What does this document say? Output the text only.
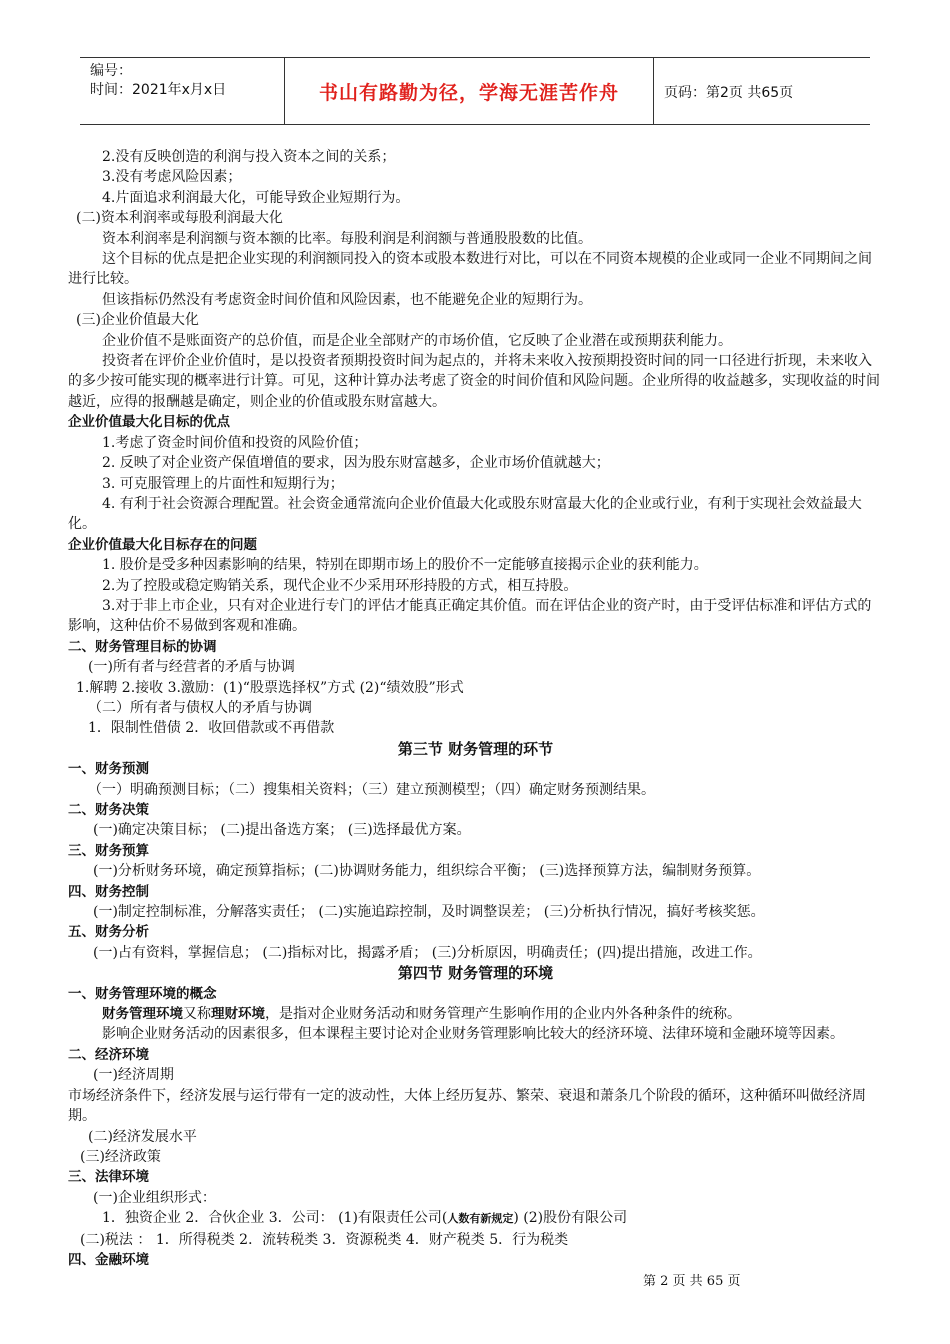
编号：
时间：2021年x月x日	书山有路勤为径，学海无涯苦作舟	页码：第2页 共65页
2.没有反映创造的利润与投入资本之间的关系；
3.没有考虑风险因素；
4.片面追求利润最大化，可能导致企业短期行为。
(二)资本利润率或每股利润最大化
资本利润率是利润额与资本额的比率。每股利润是利润额与普通股股数的比值。
这个目标的优点是把企业实现的利润额同投入的资本或股本数进行对比，可以在不同资本规模的企业或同一企业不同期间之间进行比较。
但该指标仍然没有考虑资金时间价值和风险因素，也不能避免企业的短期行为。
(三)企业价值最大化
企业价值不是账面资产的总价值，而是企业全部财产的市场价值，它反映了企业潜在或预期获利能力。
投资者在评价企业价值时，是以投资者预期投资时间为起点的，并将未来收入按预期投资时间的同一口径进行折现，未来收入的多少按可能实现的概率进行计算。可见，这种计算办法考虑了资金的时间价值和风险问题。企业所得的收益越多，实现收益的时间越近，应得的报酬越是确定，则企业的价值或股东财富越大。
企业价值最大化目标的优点
1.考虑了资金时间价值和投资的风险价值；
2. 反映了对企业资产保值增值的要求，因为股东财富越多，企业市场价值就越大；
3. 可克服管理上的片面性和短期行为；
4. 有利于社会资源合理配置。社会资金通常流向企业价值最大化或股东财富最大化的企业或行业，有利于实现社会效益最大化。
企业价值最大化目标存在的问题
1. 股价是受多种因素影响的结果，特别在即期市场上的股价不一定能够直接揭示企业的获利能力。
2.为了控股或稳定购销关系，现代企业不少采用环形持股的方式，相互持股。
3.对于非上市企业，只有对企业进行专门的评估才能真正确定其价值。而在评估企业的资产时，由于受评估标准和评估方式的影响，这种估价不易做到客观和准确。
二、财务管理目标的协调
(一)所有者与经营者的矛盾与协调
1.解聘 2.接收 3.激励：(1)“股票选择权”方式 (2)“绩效股”形式
（二）所有者与债权人的矛盾与协调
1．限制性借债 2．收回借款或不再借款
第三节 财务管理的环节
一、财务预测
（一）明确预测目标；（二）搜集相关资料；（三）建立预测模型；（四）确定财务预测结果。
二、财务决策
(一)确定决策目标； (二)提出备选方案； (三)选择最优方案。
三、财务预算
(一)分析财务环境，确定预算指标；(二)协调财务能力，组织综合平衡； (三)选择预算方法，编制财务预算。
四、财务控制
(一)制定控制标准，分解落实责任； (二)实施追踪控制，及时调整误差； (三)分析执行情况，搞好考核奖惩。
五、财务分析
(一)占有资料，掌握信息； (二)指标对比，揭露矛盾； (三)分析原因，明确责任；(四)提出措施，改进工作。
第四节 财务管理的环境
一、财务管理环境的概念
财务管理环境又称理财环境，是指对企业财务活动和财务管理产生影响作用的企业内外各种条件的统称。
影响企业财务活动的因素很多，但本课程主要讨论对企业财务管理影响比较大的经济环境、法律环境和金融环境等因素。
二、经济环境
(一)经济周期
市场经济条件下，经济发展与运行带有一定的波动性，大体上经历复苏、繁荣、衰退和萧条几个阶段的循环，这种循环叫做经济周期。
(二)经济发展水平
(三)经济政策
三、法律环境
(一)企业组织形式：
1．独资企业 2．合伙企业 3．公司： (1)有限责任公司(人数有新规定) (2)股份有限公司
(二)税法 ： 1．所得税类 2．流转税类 3．资源税类 4．财产税类 5．行为税类
四、金融环境
第 2 页 共 65 页
